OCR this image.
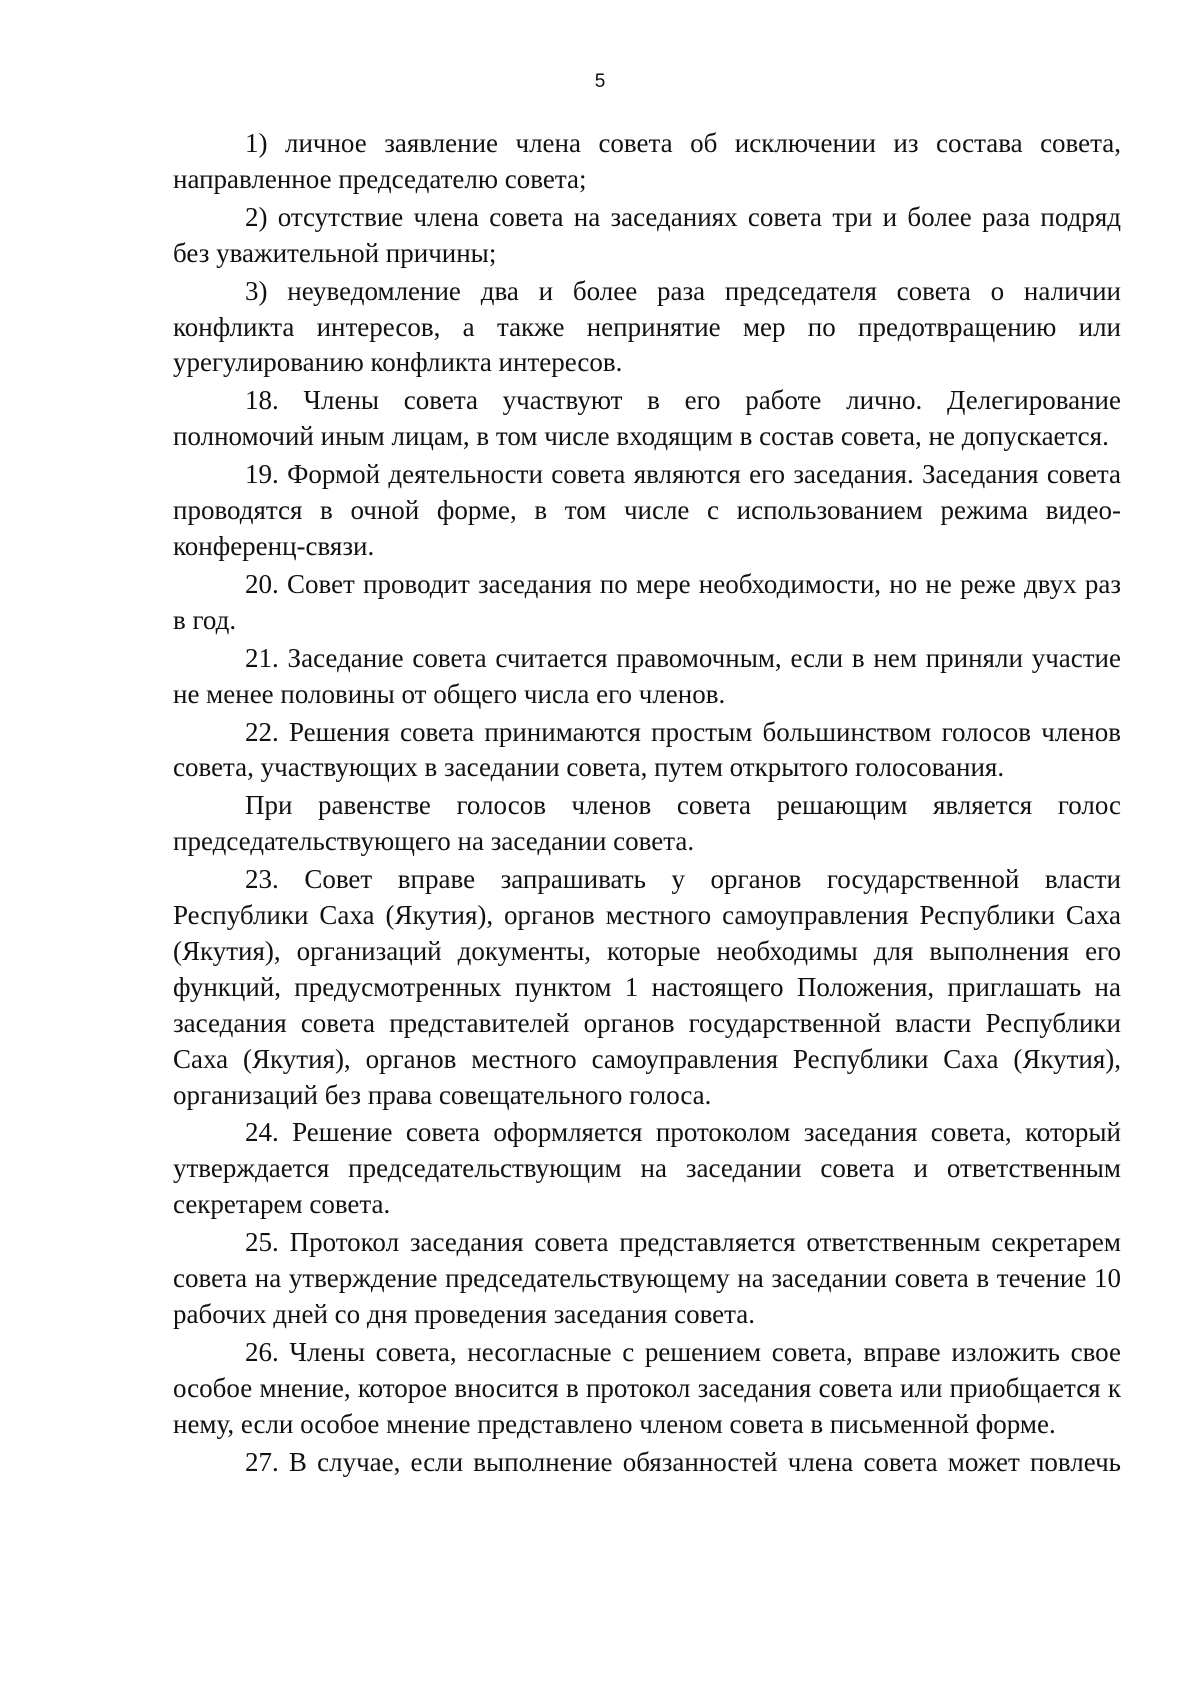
5

1) личное заявление члена совета об исключении из состава совета, направленное председателю совета;

2) отсутствие члена совета на заседаниях совета три и более раза подряд без уважительной причины;

3) неуведомление два и более раза председателя совета о наличии конфликта интересов, а также непринятие мер по предотвращению или урегулированию конфликта интересов.

18. Члены совета участвуют в его работе лично. Делегирование полномочий иным лицам, в том числе входящим в состав совета, не допускается.

19. Формой деятельности совета являются его заседания. Заседания совета проводятся в очной форме, в том числе с использованием режима видео-конференц-связи.

20. Совет проводит заседания по мере необходимости, но не реже двух раз в год.

21. Заседание совета считается правомочным, если в нем приняли участие не менее половины от общего числа его членов.

22. Решения совета принимаются простым большинством голосов членов совета, участвующих в заседании совета, путем открытого голосования.

При равенстве голосов членов совета решающим является голос председательствующего на заседании совета.

23. Совет вправе запрашивать у органов государственной власти Республики Саха (Якутия), органов местного самоуправления Республики Саха (Якутия), организаций документы, которые необходимы для выполнения его функций, предусмотренных пунктом 1 настоящего Положения, приглашать на заседания совета представителей органов государственной власти Республики Саха (Якутия), органов местного самоуправления Республики Саха (Якутия), организаций без права совещательного голоса.

24. Решение совета оформляется протоколом заседания совета, который утверждается председательствующим на заседании совета и ответственным секретарем совета.

25. Протокол заседания совета представляется ответственным секретарем совета на утверждение председательствующему на заседании совета в течение 10 рабочих дней со дня проведения заседания совета.

26. Члены совета, несогласные с решением совета, вправе изложить свое особое мнение, которое вносится в протокол заседания совета или приобщается к нему, если особое мнение представлено членом совета в письменной форме.

27. В случае, если выполнение обязанностей члена совета может повлечь
